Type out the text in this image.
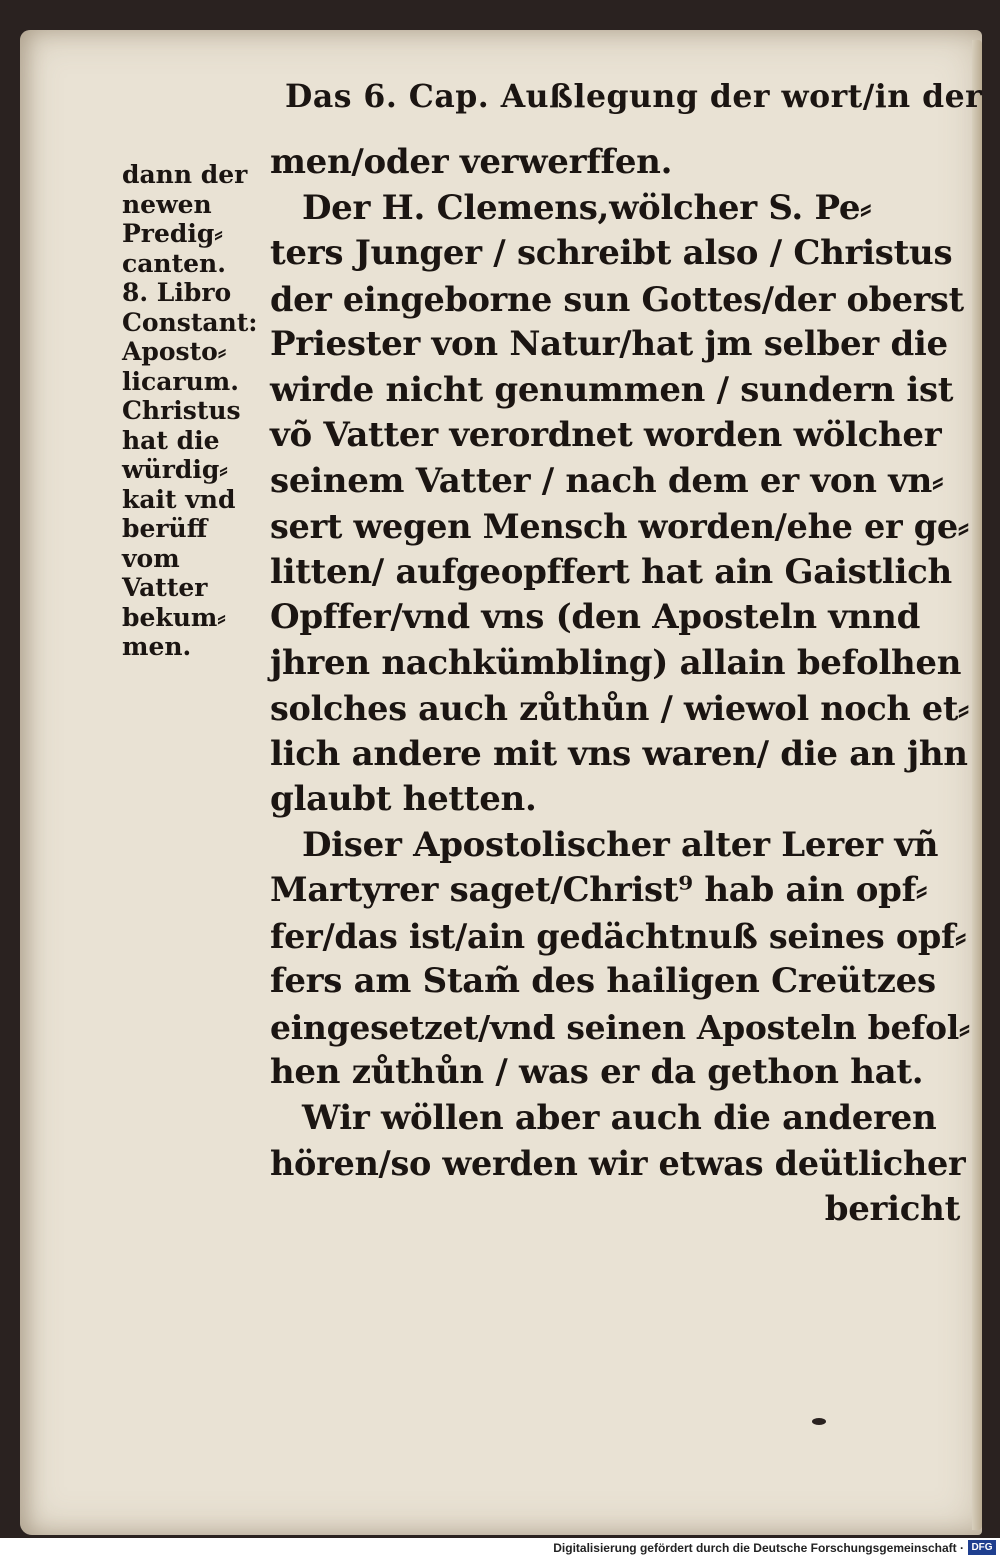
Das 6. Cap. Außlegung der wort/in der
dann der
newen
Predig⸗
canten.
8. Libro
Constant:
Aposto⸗
licarum.
Christus
hat die
würdig⸗
kait vnd
berüff
vom
Vatter
bekum⸗
men.
men/oder verwerffen.
Der H. Clemens,wölcher S. Pe⸗
ters Junger / schreibt also / Christus
der eingeborne sun Gottes/der oberst
Priester von Natur/hat jm selber die
wirde nicht genummen / sundern ist
võ Vatter verordnet worden wölcher
seinem Vatter / nach dem er von vn⸗
sert wegen Mensch worden/ehe er ge⸗
litten/ aufgeopffert hat ain Gaistlich
Opffer/vnd vns (den Aposteln vnnd
jhren nachkümbling) allain befolhen
solches auch zůthůn / wiewol noch et⸗
lich andere mit vns waren/ die an jhn
glaubt hetten.
Diser Apostolischer alter Lerer vñ
Martyrer saget/Christ⁹ hab ain opf⸗
fer/das ist/ain gedächtnuß seines opf⸗
fers am Stam̃ des hailigen Creützes
eingesetzet/vnd seinen Aposteln befol⸗
hen zůthůn / was er da gethon hat.
Wir wöllen aber auch die anderen
hören/so werden wir etwas deütlicher
bericht
Digitalisierung gefördert durch die Deutsche Forschungsgemeinschaft · DFG
